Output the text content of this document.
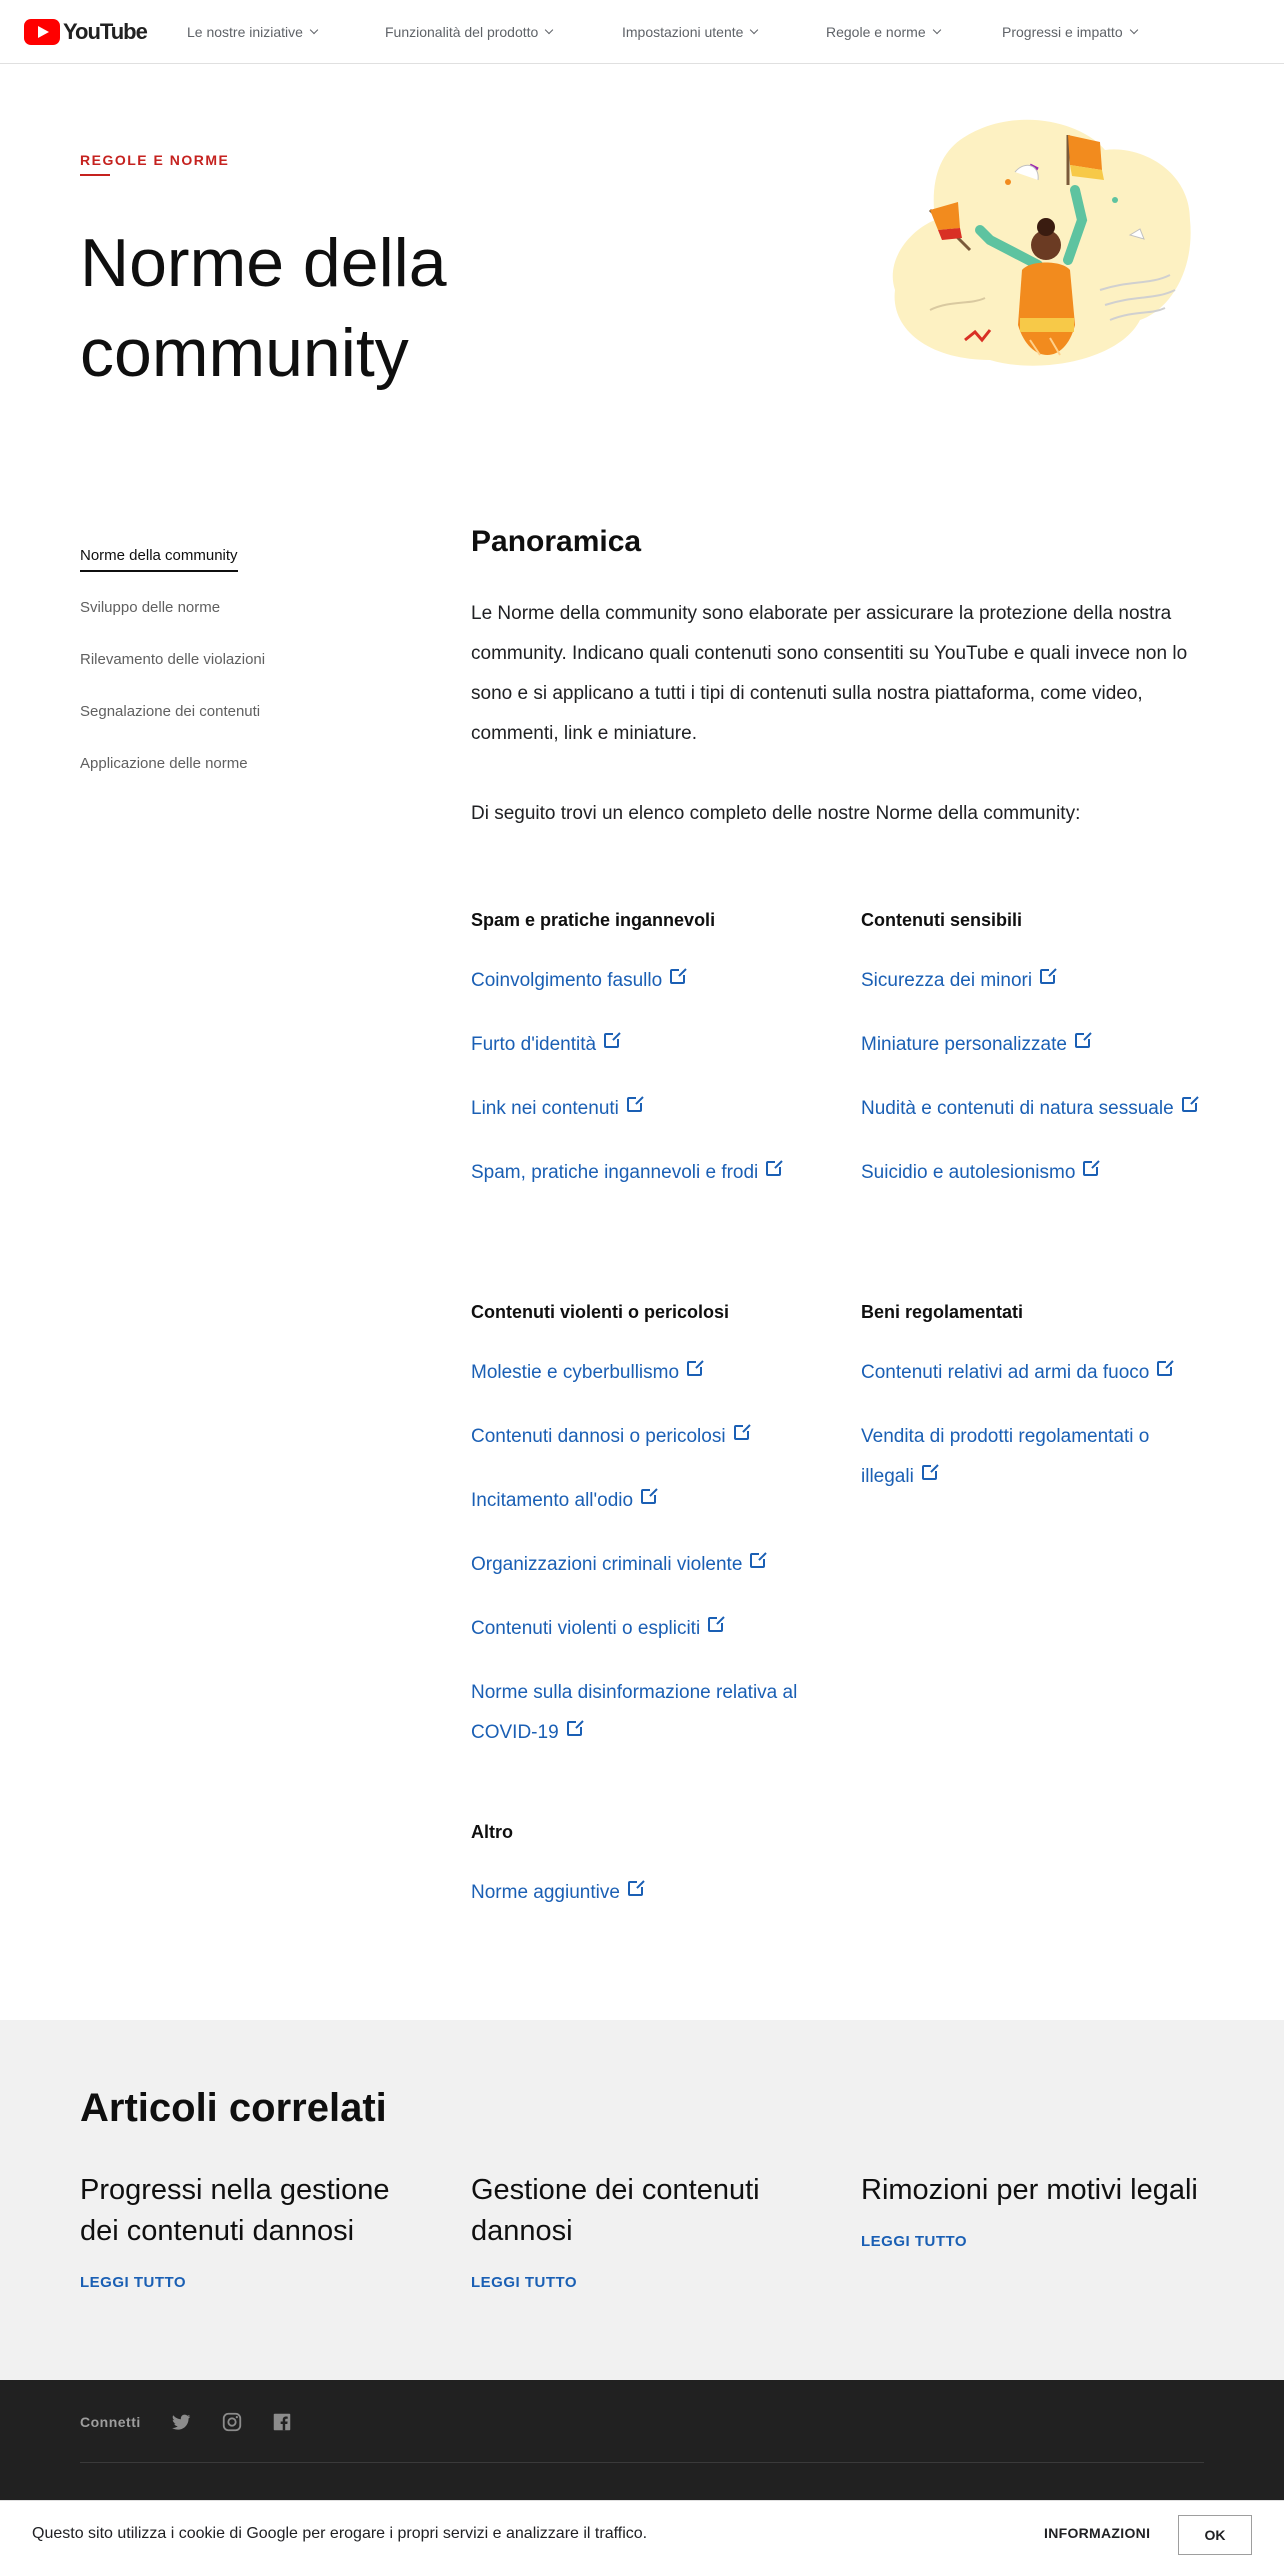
YouTube	Le nostre iniziative	Funzionalità del prodotto	Impostazioni utente	Regole e norme	Progressi e impatto
REGOLE E NORME
Norme della community
Norme della community
Sviluppo delle norme
Rilevamento delle violazioni
Segnalazione dei contenuti
Applicazione delle norme
Panoramica

Le Norme della community sono elaborate per assicurare la protezione della nostra community. Indicano quali contenuti sono consentiti su YouTube e quali invece non lo sono e si applicano a tutti i tipi di contenuti sulla nostra piattaforma, come video, commenti, link e miniature.

Di seguito trovi un elenco completo delle nostre Norme della community:

Spam e pratiche ingannevoli
Coinvolgimento fasullo
Furto d'identità
Link nei contenuti
Spam, pratiche ingannevoli e frodi
Contenuti sensibili
Sicurezza dei minori
Miniature personalizzate
Nudità e contenuti di natura sessuale
Suicidio e autolesionismo
Contenuti violenti o pericolosi
Molestie e cyberbullismo
Contenuti dannosi o pericolosi
Incitamento all'odio
Organizzazioni criminali violente
Contenuti violenti o espliciti
Norme sulla disinformazione relativa al COVID-19
Beni regolamentati
Contenuti relativi ad armi da fuoco
Vendita di prodotti regolamentati o illegali
Altro
Norme aggiuntive
Articoli correlati
Progressi nella gestione dei contenuti dannosi
LEGGI TUTTO
Gestione dei contenuti dannosi
LEGGI TUTTO
Rimozioni per motivi legali
LEGGI TUTTO
Connetti
Questo sito utilizza i cookie di Google per erogare i propri servizi e analizzare il traffico.	INFORMAZIONI	OK
